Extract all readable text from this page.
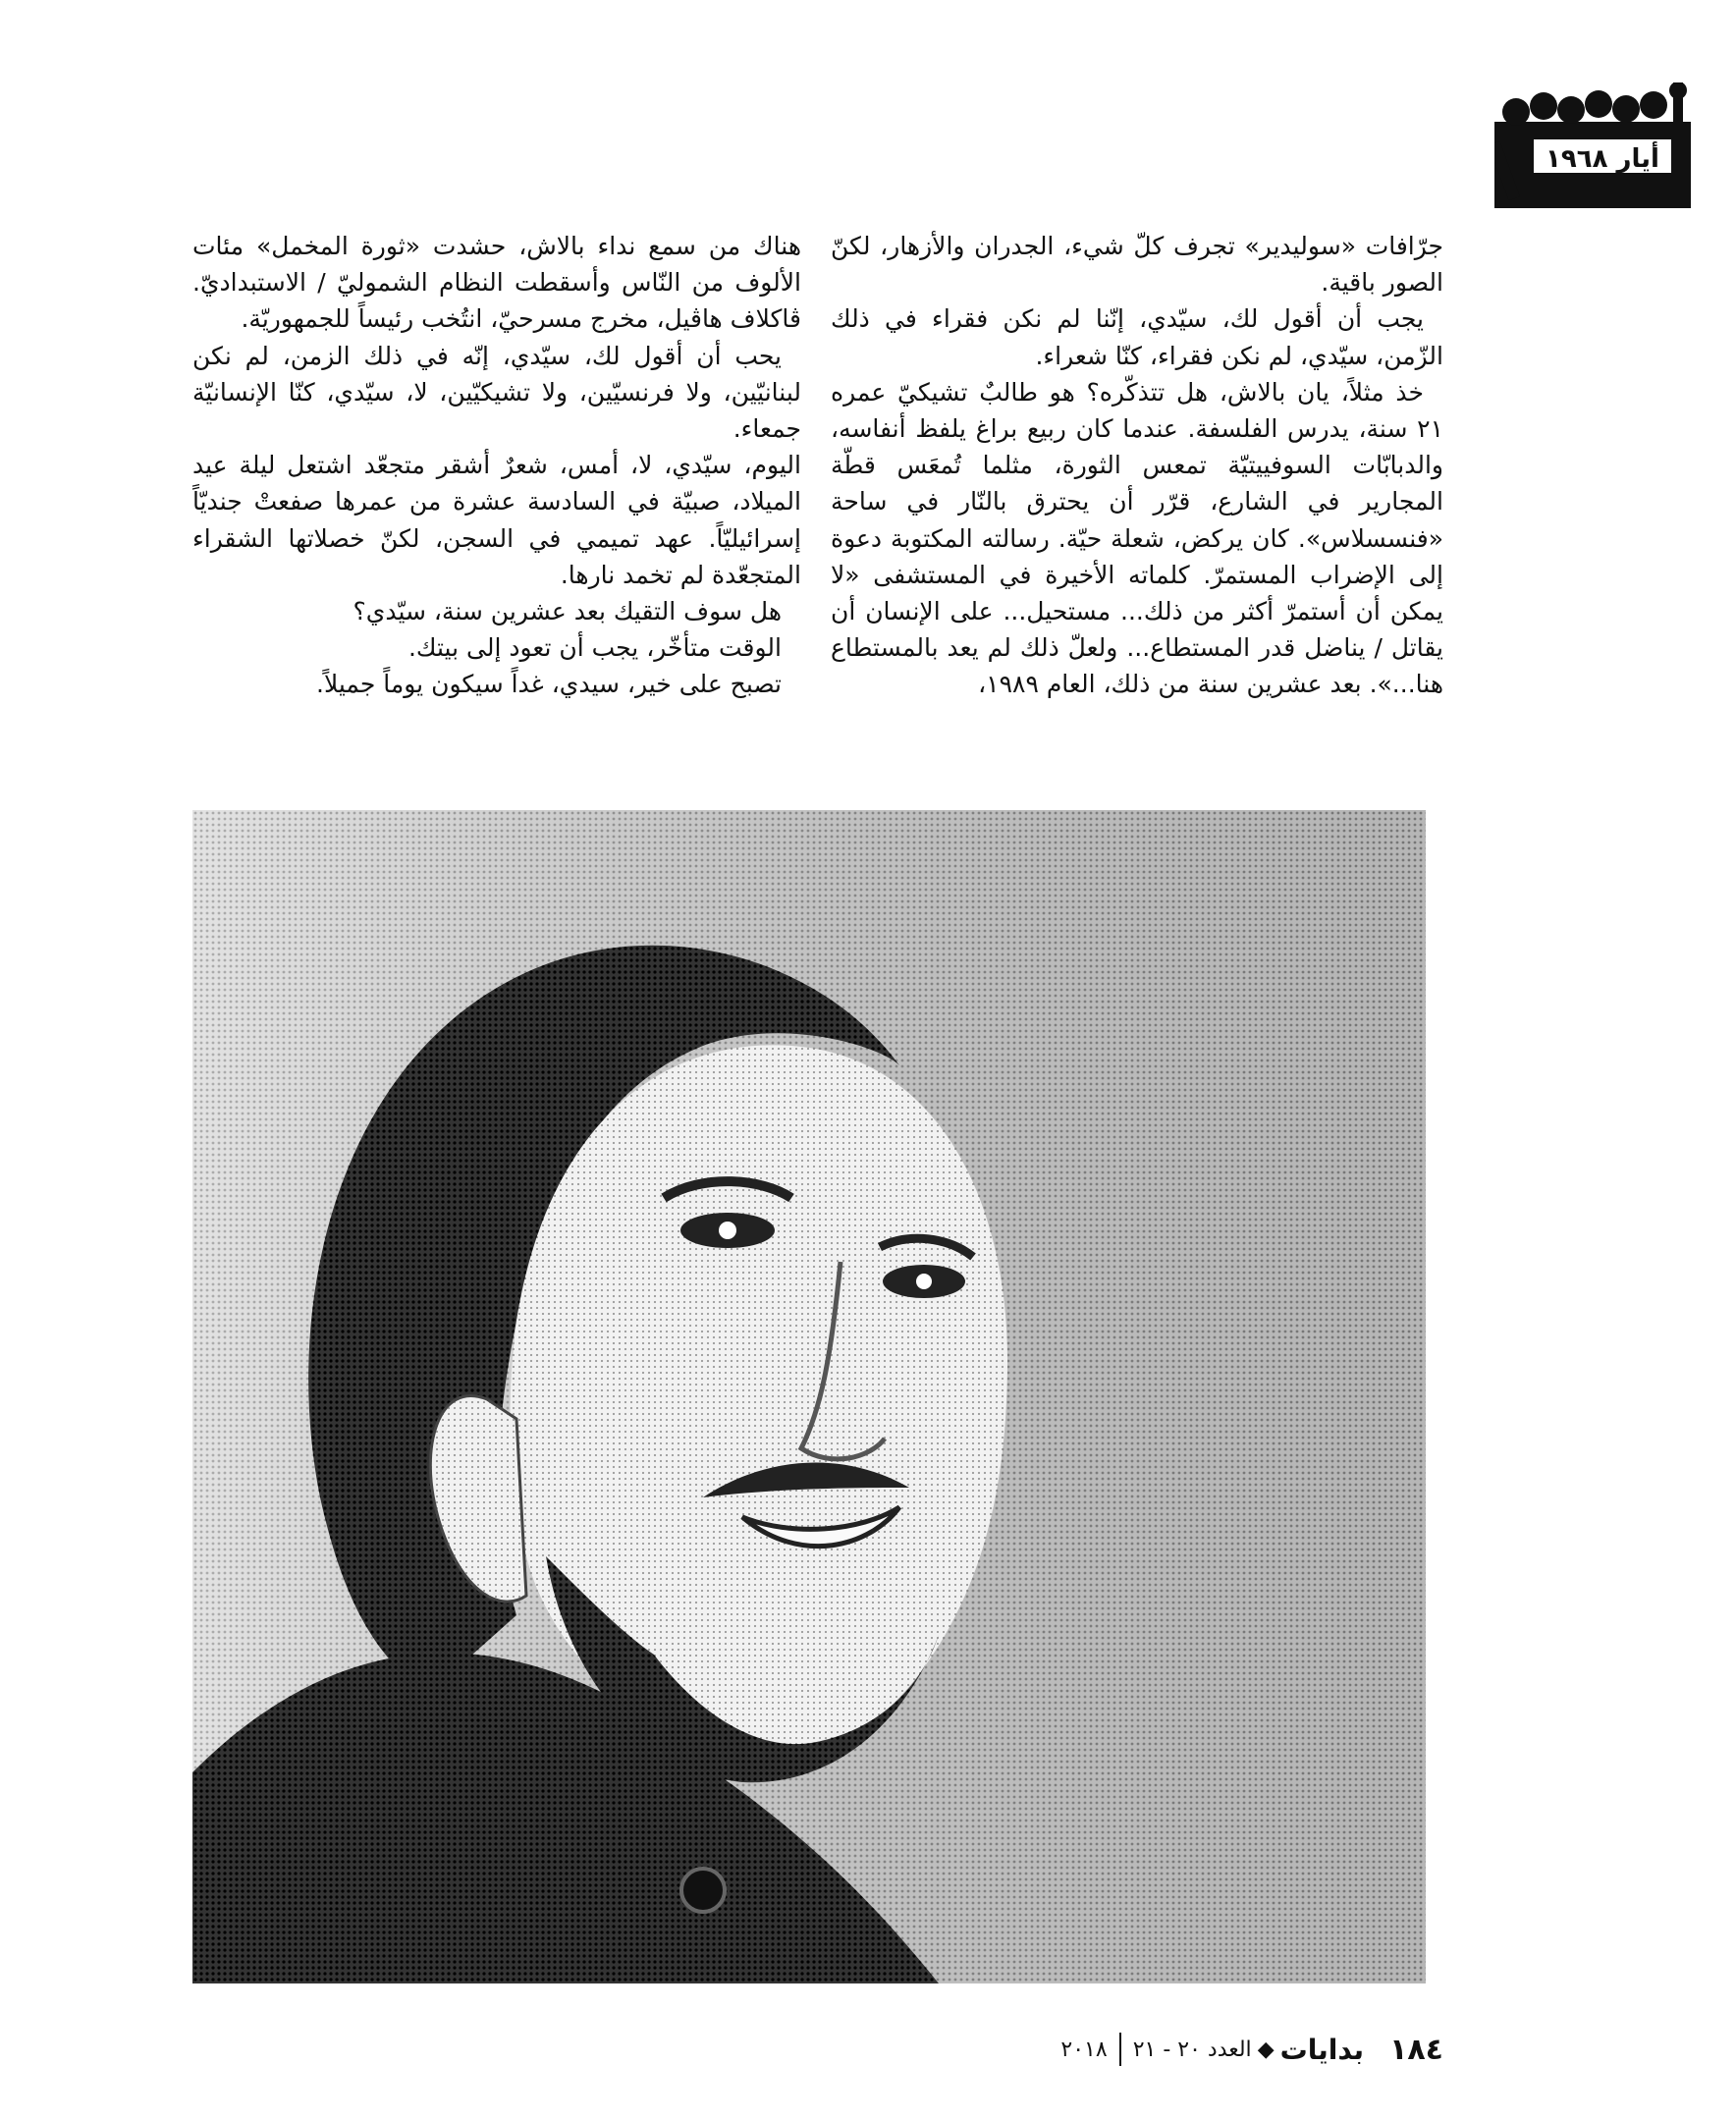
أيار ١٩٦٨

جرّافات «سوليدير» تجرف كلّ شيء، الجدران والأزهار، لكنّ الصور باقية.

يجب أن أقول لك، سيّدي، إنّنا لم نكن فقراء في ذلك الزّمن، سيّدي، لم نكن فقراء، كنّا شعراء.

خذ مثلاً، يان بالاش، هل تتذكّره؟ هو طالبٌ تشيكيّ عمره ٢١ سنة، يدرس الفلسفة. عندما كان ربيع براغ يلفظ أنفاسه، والدبابّات السوفييتيّة تمعس الثورة، مثلما تُمعَس قطّة المجارير في الشارع، قرّر أن يحترق بالنّار في ساحة «فنسسلاس». كان يركض، شعلة حيّة. رسالته المكتوبة دعوة إلى الإضراب المستمرّ. كلماته الأخيرة في المستشفى «لا يمكن أن أستمرّ أكثر من ذلك... مستحيل... على الإنسان أن يقاتل / يناضل قدر المستطاع... ولعلّ ذلك لم يعد بالمستطاع هنا...». بعد عشرين سنة من ذلك، العام ١٩٨٩،

هناك من سمع نداء بالاش، حشدت «ثورة المخمل» مئات الألوف من النّاس وأسقطت النظام الشموليّ / الاستبداديّ. ڤاكلاف هاڤيل، مخرج مسرحيّ، انتُخب رئيساً للجمهوريّة.

يحب أن أقول لك، سيّدي، إنّه في ذلك الزمن، لم نكن لبنانيّين، ولا فرنسيّين، ولا تشيكيّين، لا، سيّدي، كنّا الإنسانيّة جمعاء.

اليوم، سيّدي، لا، أمس، شعرٌ أشقر متجعّد اشتعل ليلة عيد الميلاد، صبيّة في السادسة عشرة من عمرها صفعتْ جنديّاً إسرائيليّاً. عهد تميمي في السجن، لكنّ خصلاتها الشقراء المتجعّدة لم تخمد نارها.

هل سوف التقيك بعد عشرين سنة، سيّدي؟

الوقت متأخّر، يجب أن تعود إلى بيتك.

تصبح على خير، سيدي، غداً سيكون يوماً جميلاً.

١٨٤
بدايات
◆
العدد ٢٠ - ٢١
٢٠١٨
